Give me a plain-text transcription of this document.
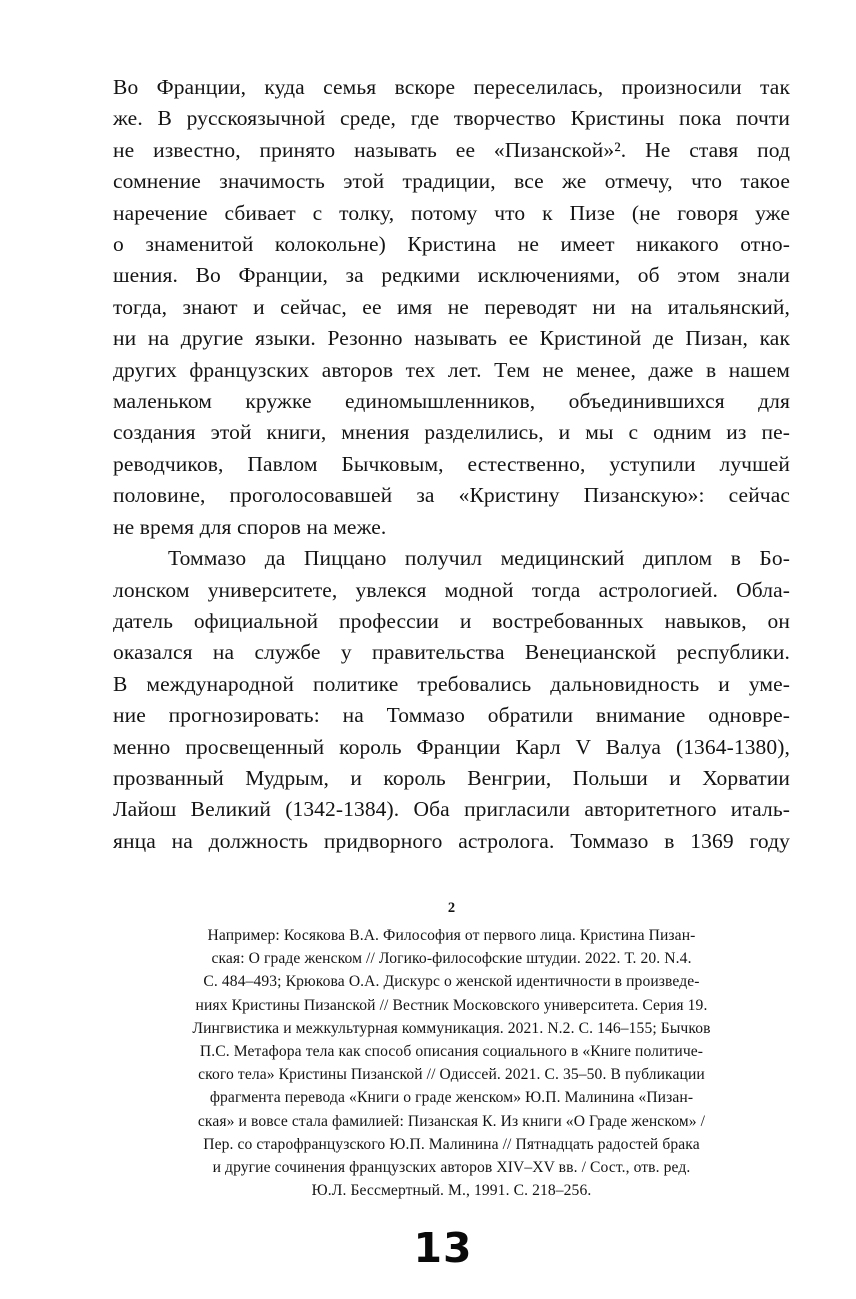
Во Франции, куда семья вскоре переселилась, произносили так
же. В русскоязычной среде, где творчество Кристины пока почти
не известно, принято называть ее «Пизанской»². Не ставя под
сомнение значимость этой традиции, все же отмечу, что такое
наречение сбивает с толку, потому что к Пизе (не говоря уже
о знаменитой колокольне) Кристина не имеет никакого отно-
шения. Во Франции, за редкими исключениями, об этом знали
тогда, знают и сейчас, ее имя не переводят ни на итальянский,
ни на другие языки. Резонно называть ее Кристиной де Пизан, как
других французских авторов тех лет. Тем не менее, даже в нашем
маленьком кружке единомышленников, объединившихся для
создания этой книги, мнения разделились, и мы с одним из пе-
реводчиков, Павлом Бычковым, естественно, уступили лучшей
половине, проголосовавшей за «Кристину Пизанскую»: сейчас
не время для споров на меже.
Томмазо да Пиццано получил медицинский диплом в Бо-
лонском университете, увлекся модной тогда астрологией. Обла-
датель официальной профессии и востребованных навыков, он
оказался на службе у правительства Венецианской республики.
В международной политике требовались дальновидность и уме-
ние прогнозировать: на Томмазо обратили внимание одновре-
менно просвещенный король Франции Карл V Валуа (1364-1380),
прозванный Мудрым, и король Венгрии, Польши и Хорватии
Лайош Великий (1342-1384). Оба пригласили авторитетного италь-
янца на должность придворного астролога. Томмазо в 1369 году
2
Например: Косякова В.А. Философия от первого лица. Кристина Пизан-
ская: О граде женском // Логико-философские штудии. 2022. Т. 20. N.4.
С. 484–493; Крюкова О.А. Дискурс о женской идентичности в произведе-
ниях Кристины Пизанской // Вестник Московского университета. Серия 19.
Лингвистика и межкультурная коммуникация. 2021. N.2. С. 146–155; Бычков
П.С. Метафора тела как способ описания социального в «Книге политиче-
ского тела» Кристины Пизанской // Одиссей. 2021. С. 35–50. В публикации
фрагмента перевода «Книги о граде женском» Ю.П. Малинина «Пизан-
ская» и вовсе стала фамилией: Пизанская К. Из книги «О Граде женском» /
Пер. со старофранцузского Ю.П. Малинина // Пятнадцать радостей брака
и другие сочинения французских авторов XIV–XV вв. / Сост., отв. ред.
Ю.Л. Бессмертный. М., 1991. С. 218–256.
13
